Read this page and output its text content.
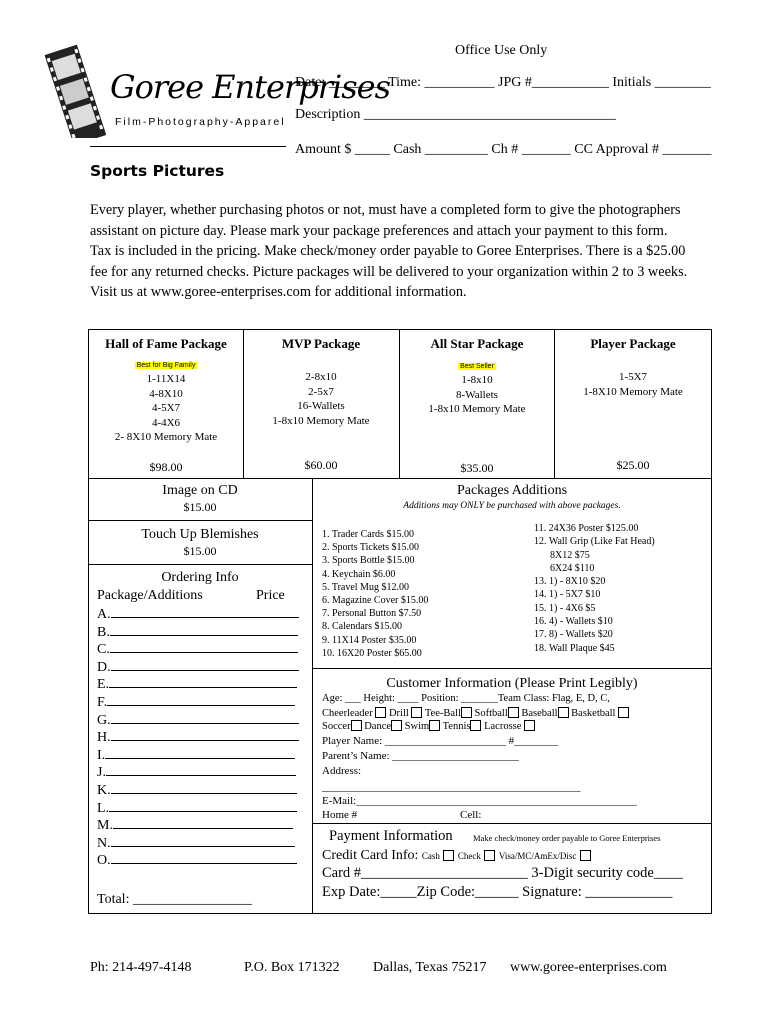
Goree Enterprises
Film-Photography-Apparel
Office Use Only
Date: ________ Time: __________ JPG #___________ Initials ________
Description ____________________________________
Amount $ _____ Cash _________ Ch # _______ CC Approval # _______
Sports Pictures
Every player, whether purchasing photos or not, must have a completed form to give the photographers assistant on picture day. Please mark your package preferences and attach your payment to this form. Tax is included in the pricing. Make check/money order payable to Goree Enterprises. There is a $25.00 fee for any returned checks. Picture packages will be delivered to your organization within 2 to 3 weeks. Visit us at www.goree-enterprises.com for additional information.
Hall of Fame Package
Best for Big Family
1-11X14
4-8X10
4-5X7
4-4X6
2- 8X10 Memory Mate
$98.00
MVP Package
2-8x10
2-5x7
16-Wallets
1-8x10 Memory Mate
$60.00
All Star Package
Best Seller
1-8x10
8-Wallets
1-8x10 Memory Mate
$35.00
Player Package
1-5X7
1-8X10 Memory Mate
$25.00
Image on CD
$15.00
Touch Up Blemishes
$15.00
Ordering Info
Package/Additions	Price
A.
B.
C.
D.
E.
F.
G.
H.
I.
J.
K.
L.
M.
N.
O.
Total: _________________
Packages Additions
Additions may ONLY be purchased with above packages.
1. Trader Cards $15.00
2. Sports Tickets $15.00
3. Sports Bottle $15.00
4. Keychain $6.00
5. Travel Mug $12.00
6. Magazine Cover $15.00
7. Personal Button $7.50
8. Calendars $15.00
9. 11X14 Poster $35.00
10. 16X20 Poster $65.00
11. 24X36 Poster $125.00
12. Wall Grip (Like Fat Head)
8X12 $75
6X24 $110
13. 1) - 8X10 $20
14. 1) - 5X7 $10
15. 1) - 4X6 $5
16. 4) - Wallets $10
17. 8) - Wallets $20
18. Wall Plaque $45
Customer Information (Please Print Legibly)
Age: ___ Height: ____ Position: _______Team Class: Flag, E, D, C,
Cheerleader Drill Tee-Ball Softball Baseball Basketball
Soccer Dance Swim Tennis Lacrosse
Player Name: ______________________ #________
Parent’s Name: _______________________
Address:
_______________________________________________
E-Mail:___________________________________________________
Home #	Cell:
Payment Information Make check/money order payable to Goree Enterprises
Credit Card Info: Cash Check Visa/MC/AmEx/Disc
Card #_______________________ 3-Digit security code____
Exp Date:_____Zip Code:______ Signature: ____________
Ph: 214-497-4148	P.O. Box 171322 Dallas, Texas 75217 www.goree-enterprises.com
